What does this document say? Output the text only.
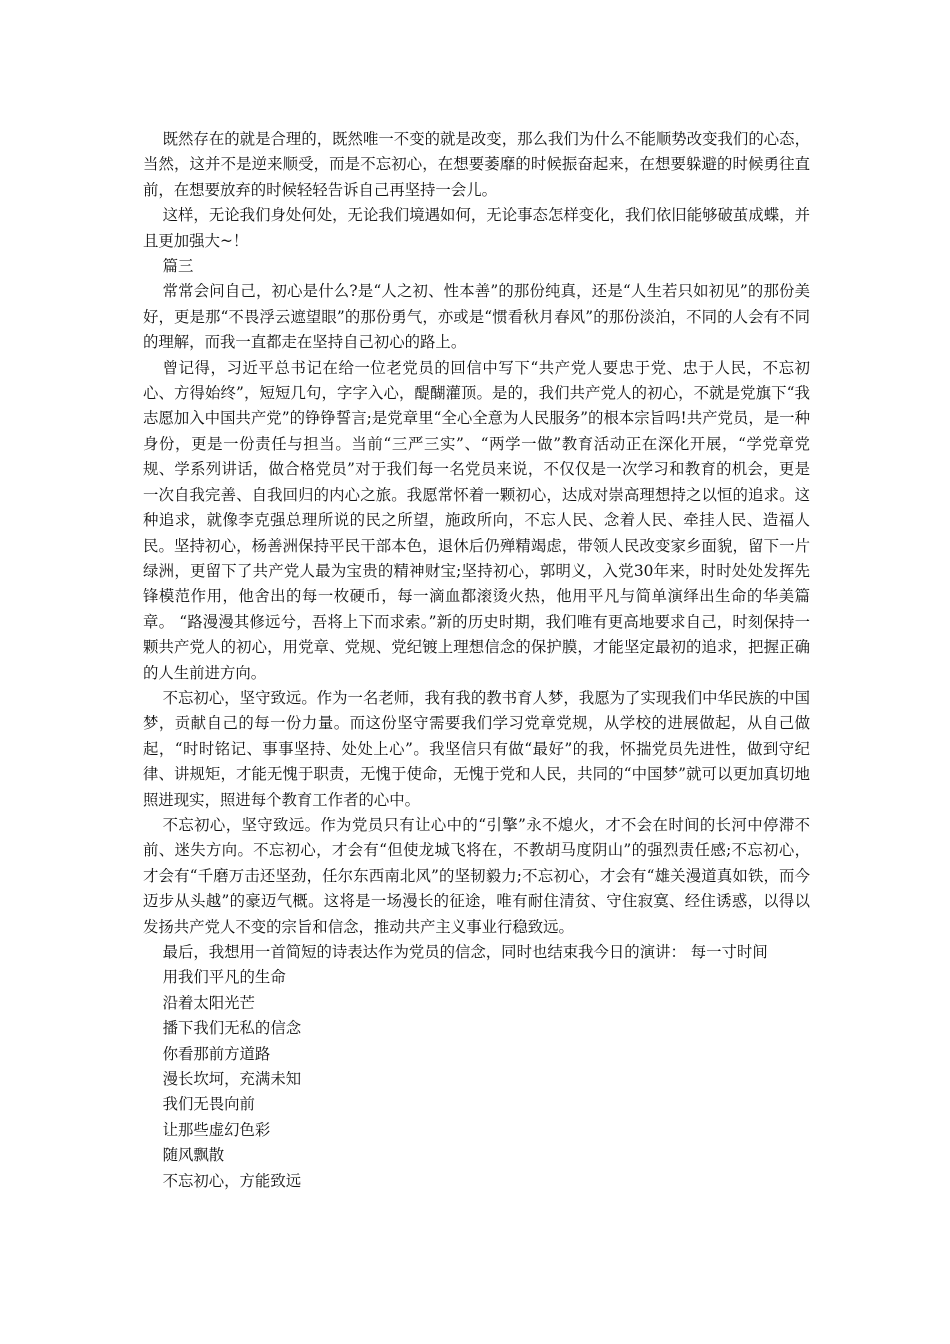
既然存在的就是合理的，既然唯一不变的就是改变，那么我们为什么不能顺势改变我们的心态，当然，这并不是逆来顺受，而是不忘初心，在想要萎靡的时候振奋起来，在想要躲避的时候勇往直前，在想要放弃的时候轻轻告诉自己再坚持一会儿。

这样，无论我们身处何处，无论我们境遇如何，无论事态怎样变化，我们依旧能够破茧成蝶，并且更加强大~！

篇三

常常会问自己，初心是什么?是“人之初、性本善”的那份纯真，还是“人生若只如初见”的那份美好，更是那“不畏浮云遮望眼”的那份勇气，亦或是“惯看秋月春风”的那份淡泊，不同的人会有不同的理解，而我一直都走在坚持自己初心的路上。

曾记得，习近平总书记在给一位老党员的回信中写下“共产党人要忠于党、忠于人民，不忘初心、方得始终”，短短几句，字字入心，醍醐灌顶。是的，我们共产党人的初心，不就是党旗下“我志愿加入中国共产党”的铮铮誓言;是党章里“全心全意为人民服务”的根本宗旨吗!共产党员，是一种身份，更是一份责任与担当。当前“三严三实”、“两学一做”教育活动正在深化开展，“学党章党规、学系列讲话，做合格党员”对于我们每一名党员来说，不仅仅是一次学习和教育的机会，更是一次自我完善、自我回归的内心之旅。我愿常怀着一颗初心，达成对崇高理想持之以恒的追求。这种追求，就像李克强总理所说的民之所望，施政所向，不忘人民、念着人民、牵挂人民、造福人民。坚持初心，杨善洲保持平民干部本色，退休后仍殚精竭虑，带领人民改变家乡面貌，留下一片绿洲，更留下了共产党人最为宝贵的精神财宝;坚持初心，郭明义，入党30年来，时时处处发挥先锋模范作用，他舍出的每一枚硬币，每一滴血都滚烫火热，他用平凡与简单演绎出生命的华美篇章。 “路漫漫其修远兮，吾将上下而求索。”新的历史时期，我们唯有更高地要求自己，时刻保持一颗共产党人的初心，用党章、党规、党纪镀上理想信念的保护膜，才能坚定最初的追求，把握正确的人生前进方向。

不忘初心，坚守致远。作为一名老师，我有我的教书育人梦，我愿为了实现我们中华民族的中国梦，贡献自己的每一份力量。而这份坚守需要我们学习党章党规，从学校的进展做起，从自己做起，“时时铭记、事事坚持、处处上心”。我坚信只有做“最好”的我，怀揣党员先进性，做到守纪律、讲规矩，才能无愧于职责，无愧于使命，无愧于党和人民，共同的“中国梦”就可以更加真切地照进现实，照进每个教育工作者的心中。

不忘初心，坚守致远。作为党员只有让心中的“引擎”永不熄火，才不会在时间的长河中停滞不前、迷失方向。不忘初心，才会有“但使龙城飞将在，不教胡马度阴山”的强烈责任感;不忘初心，才会有“千磨万击还坚劲，任尔东西南北风”的坚韧毅力;不忘初心，才会有“雄关漫道真如铁，而今迈步从头越”的豪迈气概。这将是一场漫长的征途，唯有耐住清贫、守住寂寞、经住诱惑，以得以发扬共产党人不变的宗旨和信念，推动共产主义事业行稳致远。

最后，我想用一首简短的诗表达作为党员的信念，同时也结束我今日的演讲： 每一寸时间

用我们平凡的生命

沿着太阳光芒

播下我们无私的信念

你看那前方道路

漫长坎坷，充满未知

我们无畏向前

让那些虚幻色彩

随风飘散

不忘初心，方能致远
